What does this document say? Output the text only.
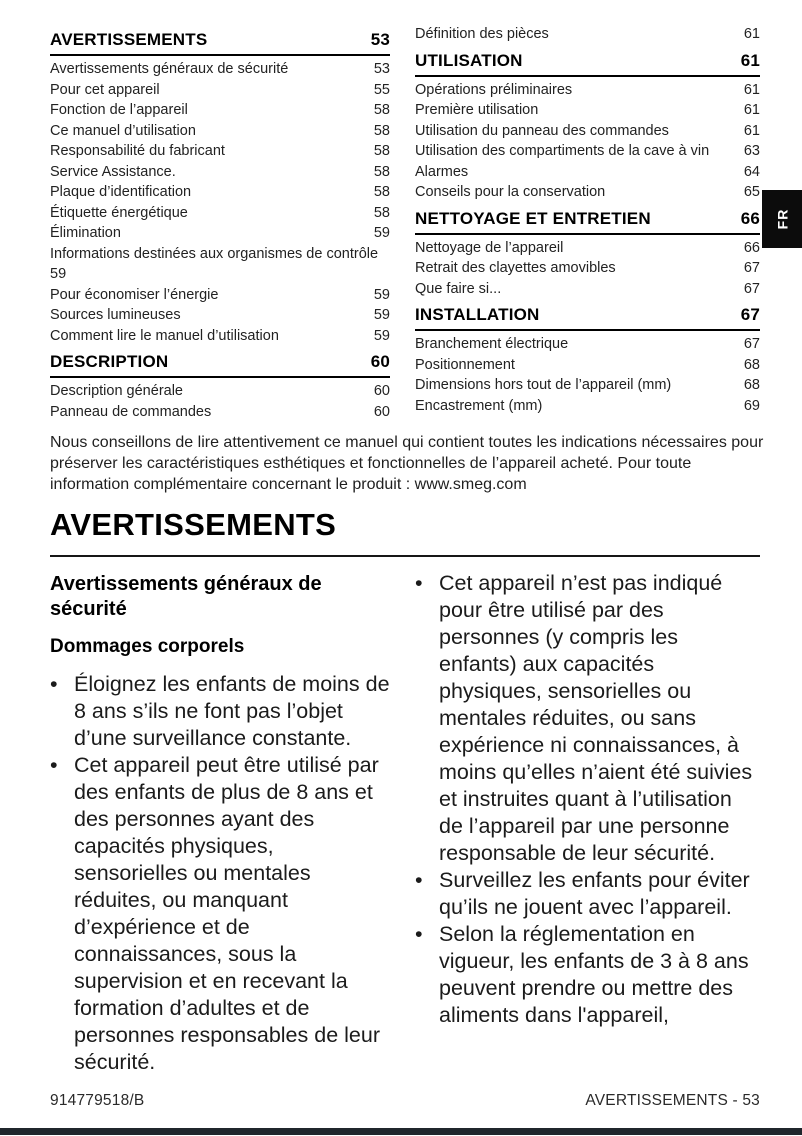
AVERTISSEMENTS	53
Avertissements généraux de sécurité	53
Pour cet appareil	55
Fonction de l’appareil	58
Ce manuel d’utilisation	58
Responsabilité du fabricant	58
Service Assistance.	58
Plaque d’identification	58
Étiquette énergétique	58
Élimination	59
Informations destinées aux organismes de contrôle
59
Pour économiser l’énergie	59
Sources lumineuses	59
Comment lire le manuel d’utilisation	59
DESCRIPTION	60
Description générale	60
Panneau de commandes	60
Définition des pièces	61
UTILISATION	61
Opérations préliminaires	61
Première utilisation	61
Utilisation du panneau des commandes	61
Utilisation des compartiments de la cave à vin	63
Alarmes	64
Conseils pour la conservation	65
NETTOYAGE ET ENTRETIEN	66
Nettoyage de l’appareil	66
Retrait des clayettes amovibles	67
Que faire si...	67
INSTALLATION	67
Branchement électrique	67
Positionnement	68
Dimensions hors tout de l’appareil (mm)	68
Encastrement (mm)	69
FR

Nous conseillons de lire attentivement ce manuel qui contient toutes les indications nécessaires pour préserver les caractéristiques esthétiques et fonctionnelles de l’appareil acheté. Pour toute information complémentaire concernant le produit : www.smeg.com

AVERTISSEMENTS
Avertissements généraux de sécurité
Dommages corporels
• Éloignez les enfants de moins de 8 ans s’ils ne font pas l’objet d’une surveillance constante.
• Cet appareil peut être utilisé par des enfants de plus de 8 ans et des personnes ayant des capacités physiques, sensorielles ou mentales réduites, ou manquant d’expérience et de connaissances, sous la supervision et en recevant la formation d’adultes et de personnes responsables de leur sécurité.
• Cet appareil n’est pas indiqué pour être utilisé par des personnes (y compris les enfants) aux capacités physiques, sensorielles ou mentales réduites, ou sans expérience ni connaissances, à moins qu’elles n’aient été suivies et instruites quant à l’utilisation de l’appareil par une personne responsable de leur sécurité.
• Surveillez les enfants pour éviter qu’ils ne jouent avec l’appareil.
• Selon la réglementation en vigueur, les enfants de 3 à 8 ans peuvent prendre ou mettre des aliments dans l'appareil,
914779518/B	AVERTISSEMENTS - 53
